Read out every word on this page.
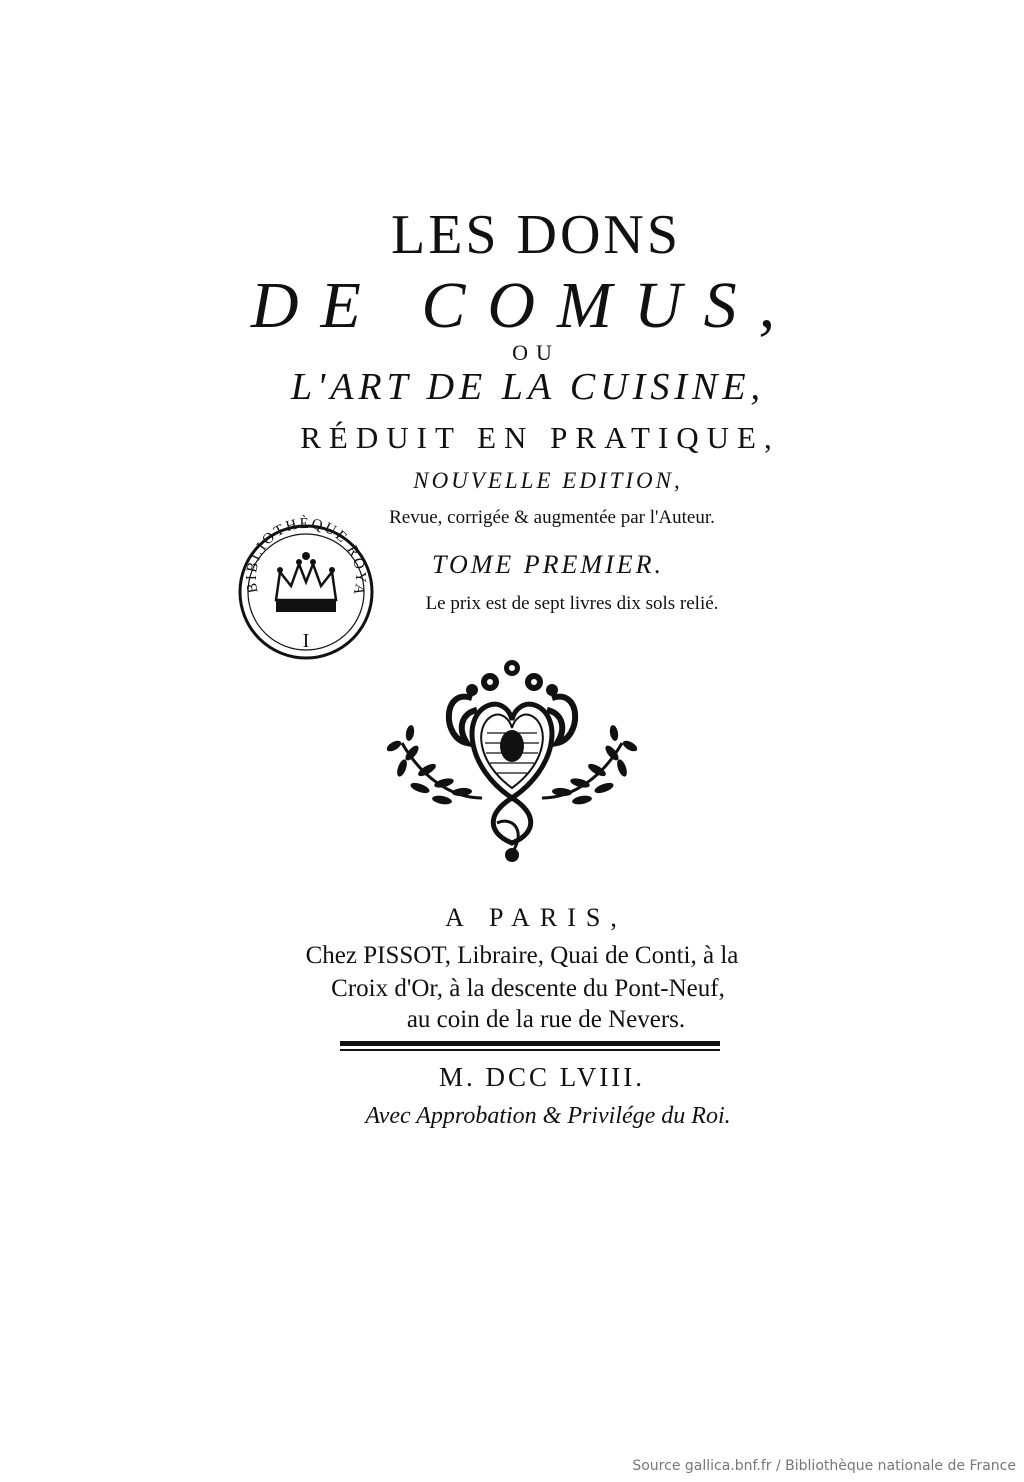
LES DONS
DE COMUS,
OU
L'ART DE LA CUISINE,
RÉDUIT EN PRATIQUE,
NOUVELLE EDITION,
Revue, corrigée & augmentée par l'Auteur.
TOME PREMIER.
Le prix est de sept livres dix sols relié.
BIBLIOTHÈQUE ROYALE
I
A PARIS,
Chez PISSOT, Libraire, Quai de Conti, à la
Croix d'Or, à la descente du Pont-Neuf,
au coin de la rue de Nevers.
M. DCC LVIII.
Avec Approbation & Privilége du Roi.
Source gallica.bnf.fr / Bibliothèque nationale de France
